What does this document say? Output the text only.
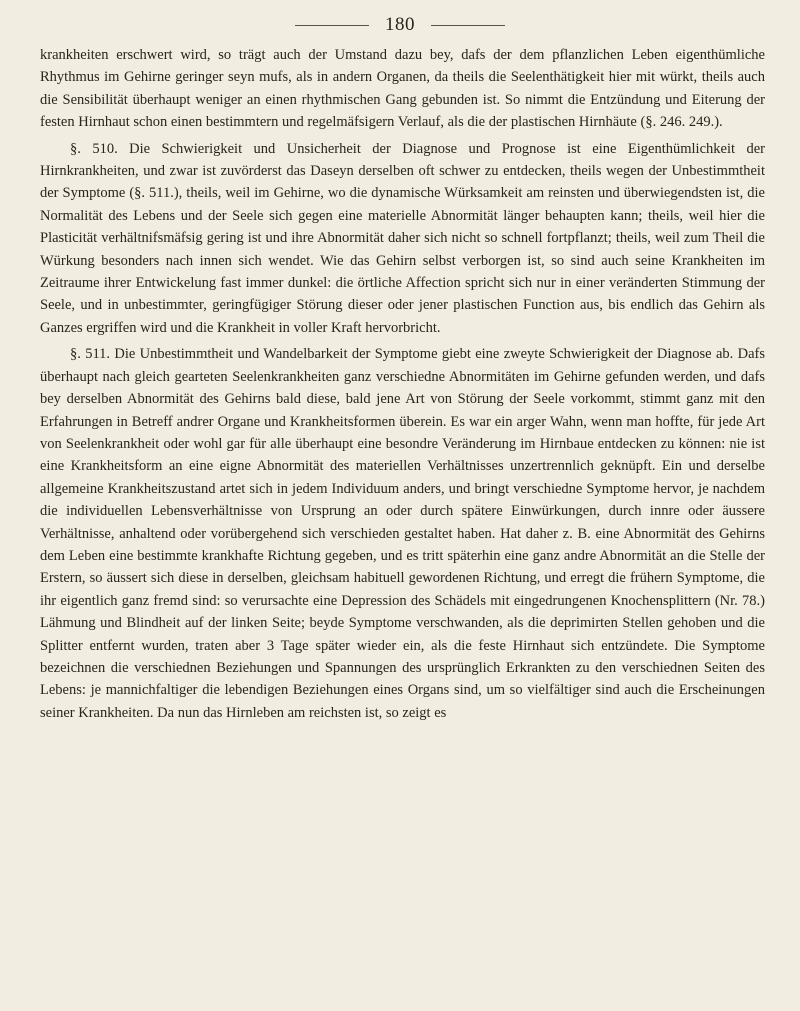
180

krankheiten erschwert wird, so trägt auch der Umstand dazu bey, dafs der dem pflanzlichen Leben eigenthümliche Rhythmus im Gehirne geringer seyn mufs, als in andern Organen, da theils die Seelenthätigkeit hier mit würkt, theils auch die Sensibilität überhaupt weniger an einen rhythmischen Gang gebunden ist. So nimmt die Entzündung und Eiterung der festen Hirnhaut schon einen bestimmtern und regelmäfsigern Verlauf, als die der plastischen Hirnhäute (§. 246. 249.).

§. 510. Die Schwierigkeit und Unsicherheit der Diagnose und Prognose ist eine Eigenthümlichkeit der Hirnkrankheiten, und zwar ist zuvörderst das Daseyn derselben oft schwer zu entdecken, theils wegen der Unbestimmtheit der Symptome (§. 511.), theils, weil im Gehirne, wo die dynamische Würksamkeit am reinsten und überwiegendsten ist, die Normalität des Lebens und der Seele sich gegen eine materielle Abnormität länger behaupten kann; theils, weil hier die Plasticität verhältnifsmäfsig gering ist und ihre Abnormität daher sich nicht so schnell fortpflanzt; theils, weil zum Theil die Würkung besonders nach innen sich wendet. Wie das Gehirn selbst verborgen ist, so sind auch seine Krankheiten im Zeitraume ihrer Entwickelung fast immer dunkel: die örtliche Affection spricht sich nur in einer veränderten Stimmung der Seele, und in unbestimmter, geringfügiger Störung dieser oder jener plastischen Function aus, bis endlich das Gehirn als Ganzes ergriffen wird und die Krankheit in voller Kraft hervorbricht.

§. 511. Die Unbestimmtheit und Wandelbarkeit der Symptome giebt eine zweyte Schwierigkeit der Diagnose ab. Dafs überhaupt nach gleich gearteten Seelenkrankheiten ganz verschiedne Abnormitäten im Gehirne gefunden werden, und dafs bey derselben Abnormität des Gehirns bald diese, bald jene Art von Störung der Seele vorkommt, stimmt ganz mit den Erfahrungen in Betreff andrer Organe und Krankheitsformen überein. Es war ein arger Wahn, wenn man hoffte, für jede Art von Seelenkrankheit oder wohl gar für alle überhaupt eine besondre Veränderung im Hirnbaue entdecken zu können: nie ist eine Krankheitsform an eine eigne Abnormität des materiellen Verhältnisses unzertrennlich geknüpft. Ein und derselbe allgemeine Krankheitszustand artet sich in jedem Individuum anders, und bringt verschiedne Symptome hervor, je nachdem die individuellen Lebensverhältnisse von Ursprung an oder durch spätere Einwürkungen, durch innre oder äussere Verhältnisse, anhaltend oder vorübergehend sich verschieden gestaltet haben. Hat daher z. B. eine Abnormität des Gehirns dem Leben eine bestimmte krankhafte Richtung gegeben, und es tritt späterhin eine ganz andre Abnormität an die Stelle der Erstern, so äussert sich diese in derselben, gleichsam habituell gewordenen Richtung, und erregt die frühern Symptome, die ihr eigentlich ganz fremd sind: so verursachte eine Depression des Schädels mit eingedrungenen Knochensplittern (Nr. 78.) Lähmung und Blindheit auf der linken Seite; beyde Symptome verschwanden, als die deprimirten Stellen gehoben und die Splitter entfernt wurden, traten aber 3 Tage später wieder ein, als die feste Hirnhaut sich entzündete. Die Symptome bezeichnen die verschiednen Beziehungen und Spannungen des ursprünglich Erkrankten zu den verschiednen Seiten des Lebens: je mannichfaltiger die lebendigen Beziehungen eines Organs sind, um so vielfältiger sind auch die Erscheinungen seiner Krankheiten. Da nun das Hirnleben am reichsten ist, so zeigt es
